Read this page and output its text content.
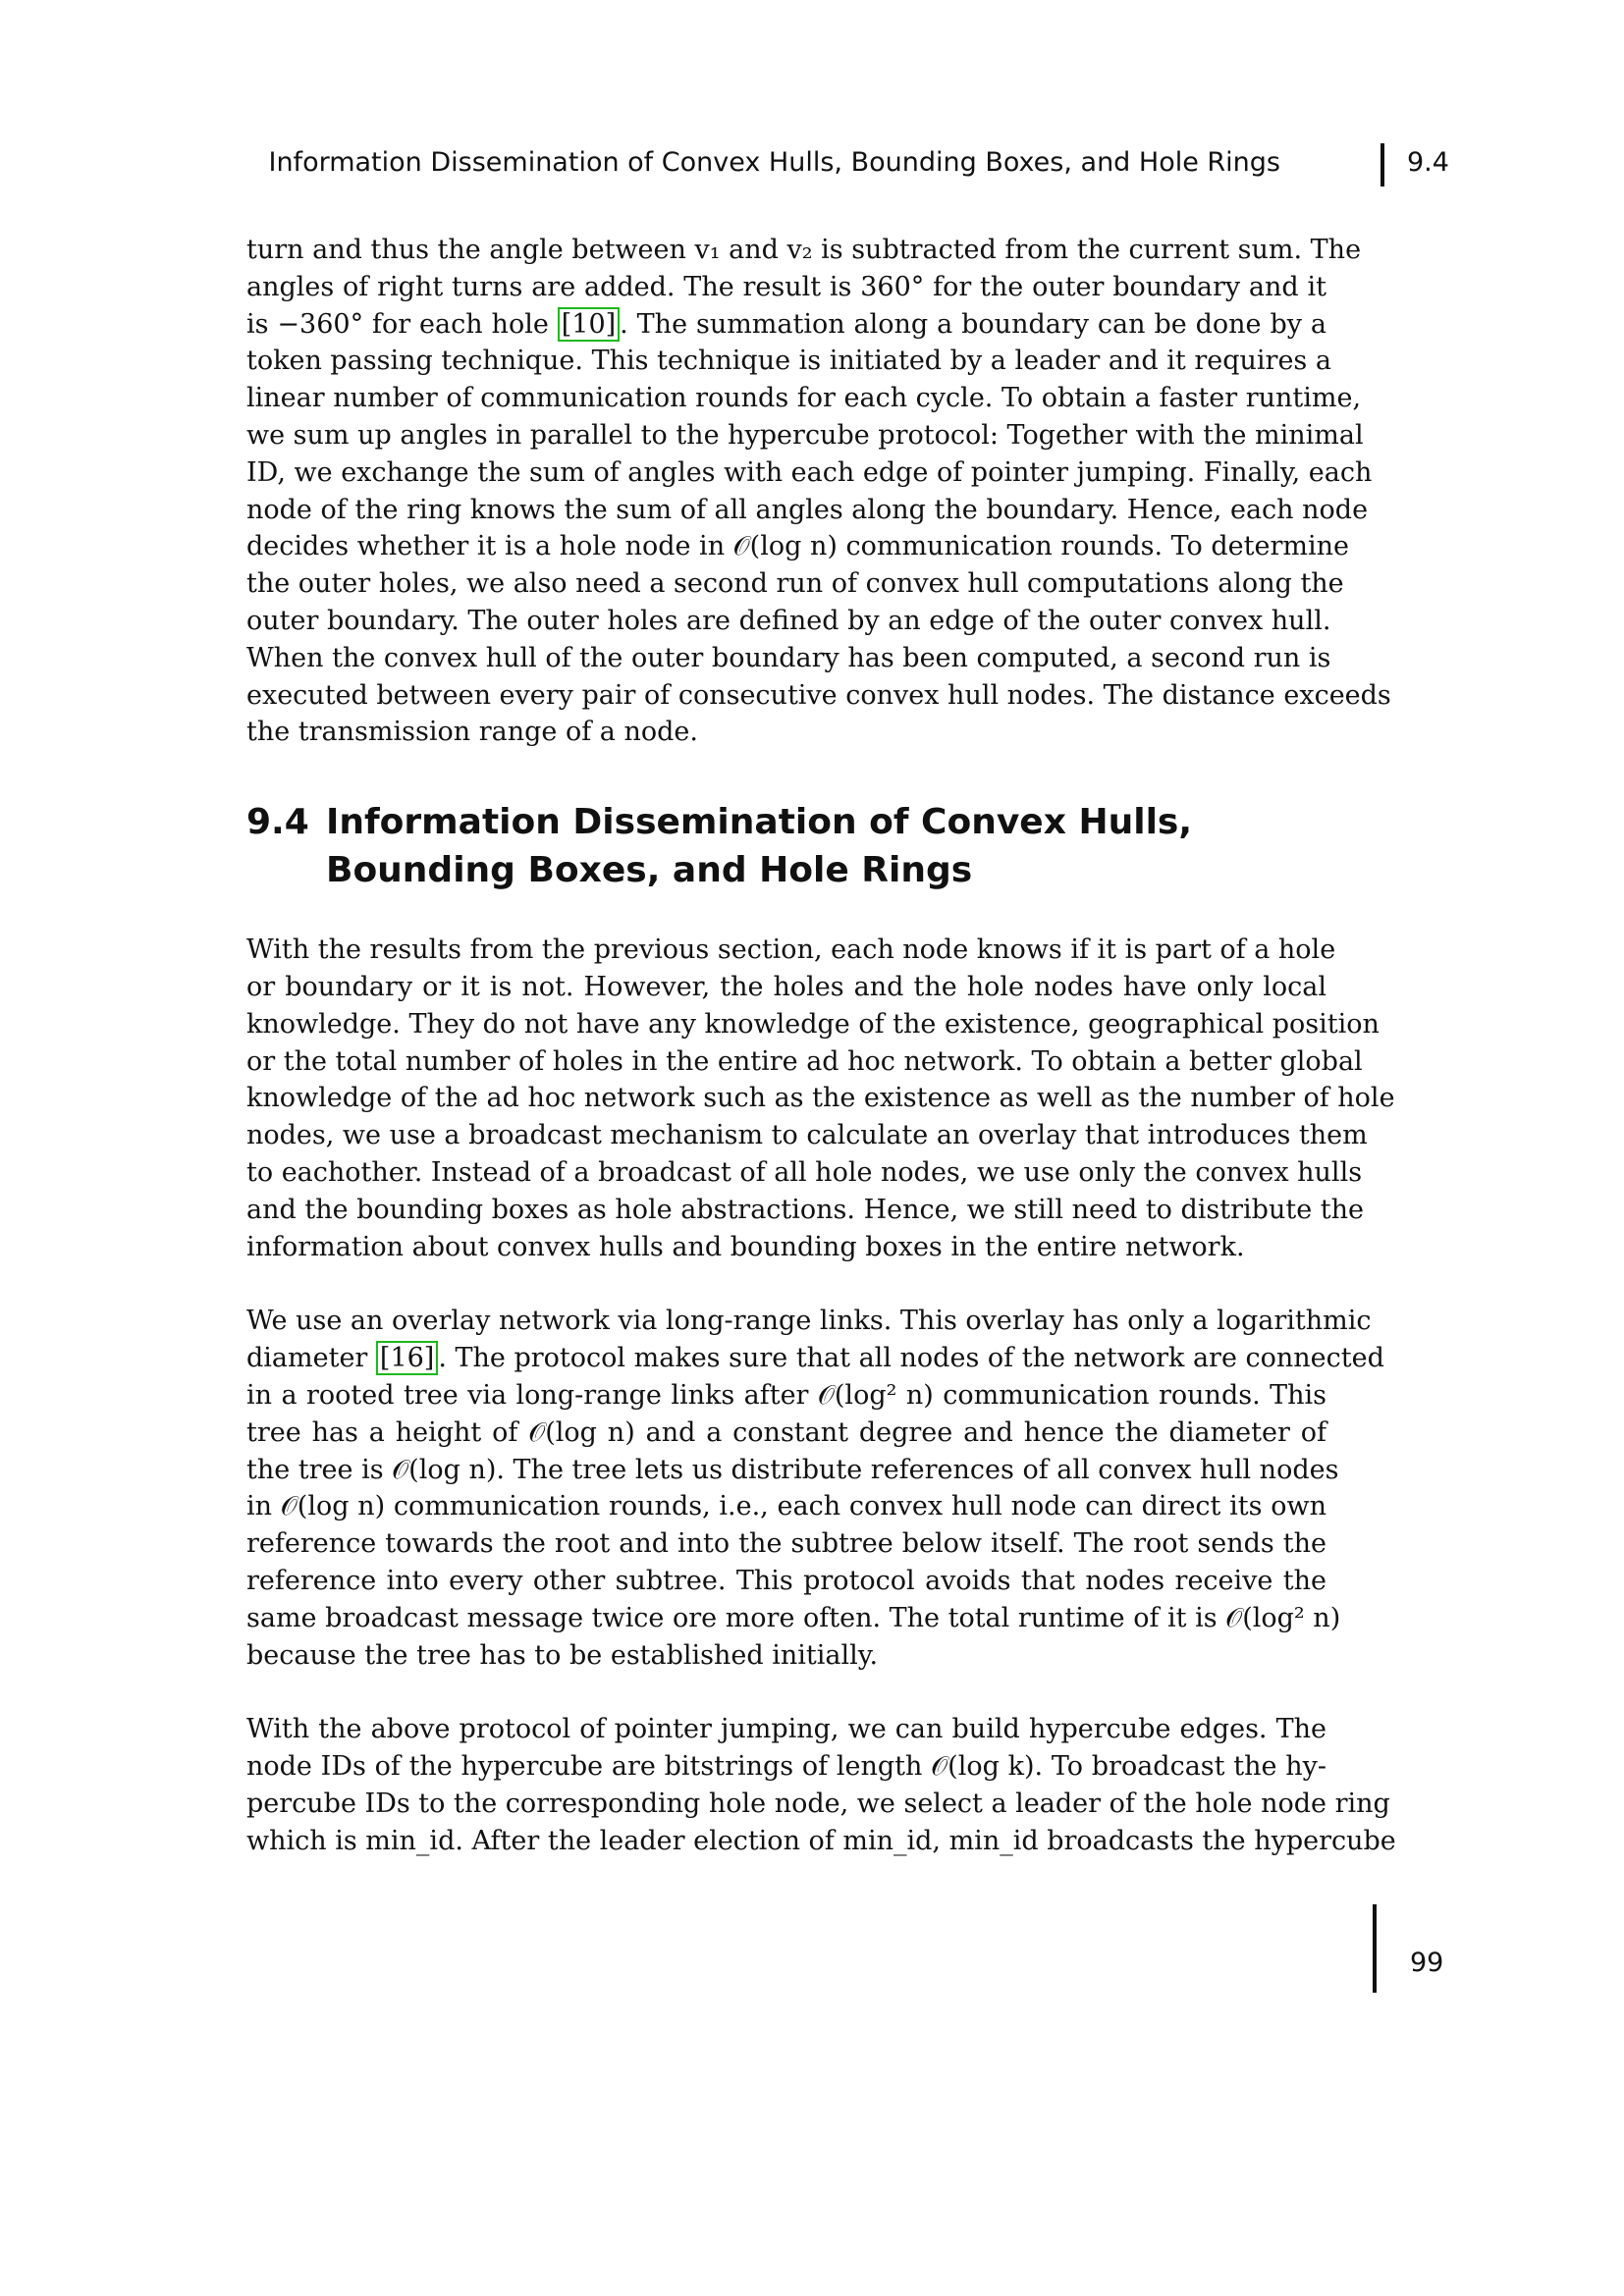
Information Dissemination of Convex Hulls, Bounding Boxes, and Hole Rings	9.4

turn and thus the angle between v₁ and v₂ is subtracted from the current sum. The
angles of right turns are added. The result is 360° for the outer boundary and it
is −360° for each hole [10] . The summation along a boundary can be done by a
token passing technique. This technique is initiated by a leader and it requires a
linear number of communication rounds for each cycle. To obtain a faster runtime,
we sum up angles in parallel to the hypercube protocol: Together with the minimal
ID, we exchange the sum of angles with each edge of pointer jumping. Finally, each
node of the ring knows the sum of all angles along the boundary. Hence, each node
decides whether it is a hole node in 𝒪(log n) communication rounds. To determine
the outer holes, we also need a second run of convex hull computations along the
outer boundary. The outer holes are defined by an edge of the outer convex hull.
When the convex hull of the outer boundary has been computed, a second run is
executed between every pair of consecutive convex hull nodes. The distance exceeds
the transmission range of a node.

9.4 Information Dissemination of Convex Hulls, Bounding Boxes, and Hole Rings

With the results from the previous section, each node knows if it is part of a hole
or boundary or it is not. However, the holes and the hole nodes have only local
knowledge. They do not have any knowledge of the existence, geographical position
or the total number of holes in the entire ad hoc network. To obtain a better global
knowledge of the ad hoc network such as the existence as well as the number of hole
nodes, we use a broadcast mechanism to calculate an overlay that introduces them
to eachother. Instead of a broadcast of all hole nodes, we use only the convex hulls
and the bounding boxes as hole abstractions. Hence, we still need to distribute the
information about convex hulls and bounding boxes in the entire network.

We use an overlay network via long-range links. This overlay has only a logarithmic
diameter [16] . The protocol makes sure that all nodes of the network are connected
in a rooted tree via long-range links after 𝒪(log² n) communication rounds. This
tree has a height of 𝒪(log n) and a constant degree and hence the diameter of
the tree is 𝒪(log n). The tree lets us distribute references of all convex hull nodes
in 𝒪(log n) communication rounds, i.e., each convex hull node can direct its own
reference towards the root and into the subtree below itself. The root sends the
reference into every other subtree. This protocol avoids that nodes receive the
same broadcast message twice ore more often. The total runtime of it is 𝒪(log² n)
because the tree has to be established initially.

With the above protocol of pointer jumping, we can build hypercube edges. The
node IDs of the hypercube are bitstrings of length 𝒪(log k). To broadcast the hy-
percube IDs to the corresponding hole node, we select a leader of the hole node ring
which is min_id. After the leader election of min_id, min_id broadcasts the hypercube

99
